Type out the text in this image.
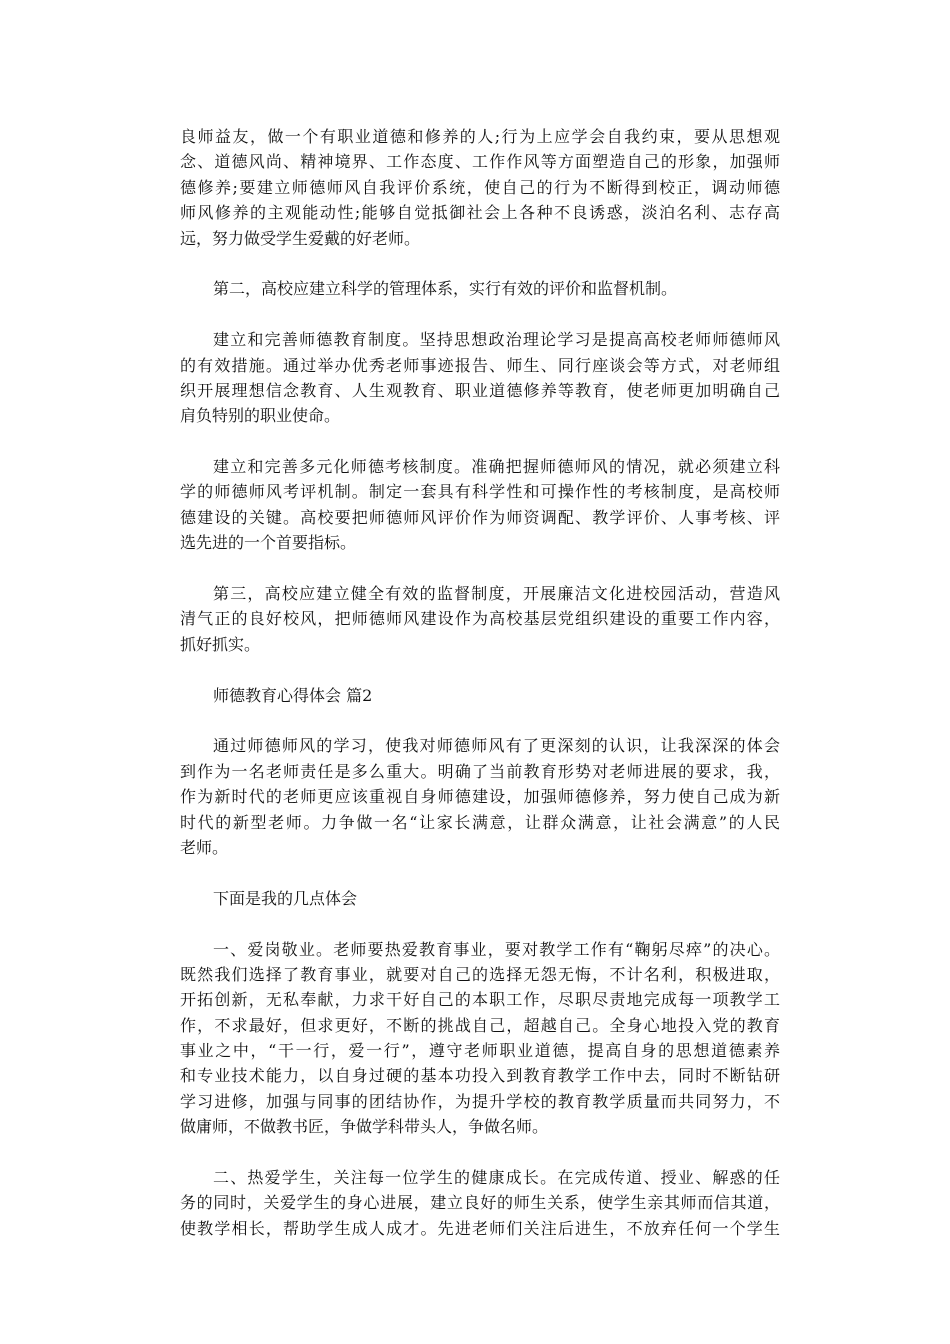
良师益友，做一个有职业道德和修养的人;行为上应学会自我约束，要从思想观
念、道德风尚、精神境界、工作态度、工作作风等方面塑造自己的形象，加强师
德修养;要建立师德师风自我评价系统，使自己的行为不断得到校正，调动师德
师风修养的主观能动性;能够自觉抵御社会上各种不良诱惑，淡泊名利、志存高
远，努力做受学生爱戴的好老师。
第二，高校应建立科学的管理体系，实行有效的评价和监督机制。
建立和完善师德教育制度。坚持思想政治理论学习是提高高校老师师德师风
的有效措施。通过举办优秀老师事迹报告、师生、同行座谈会等方式，对老师组
织开展理想信念教育、人生观教育、职业道德修养等教育，使老师更加明确自己
肩负特别的职业使命。
建立和完善多元化师德考核制度。准确把握师德师风的情况，就必须建立科
学的师德师风考评机制。制定一套具有科学性和可操作性的考核制度，是高校师
德建设的关键。高校要把师德师风评价作为师资调配、教学评价、人事考核、评
选先进的一个首要指标。
第三，高校应建立健全有效的监督制度，开展廉洁文化进校园活动，营造风
清气正的良好校风，把师德师风建设作为高校基层党组织建设的重要工作内容，
抓好抓实。
师德教育心得体会 篇2
通过师德师风的学习，使我对师德师风有了更深刻的认识，让我深深的体会
到作为一名老师责任是多么重大。明确了当前教育形势对老师进展的要求，我，
作为新时代的老师更应该重视自身师德建设，加强师德修养，努力使自己成为新
时代的新型老师。力争做一名“让家长满意，让群众满意，让社会满意”的人民
老师。
下面是我的几点体会
一、爱岗敬业。老师要热爱教育事业，要对教学工作有“鞠躬尽瘁”的决心。
既然我们选择了教育事业，就要对自己的选择无怨无悔，不计名利，积极进取，
开拓创新，无私奉献，力求干好自己的本职工作，尽职尽责地完成每一项教学工
作，不求最好，但求更好，不断的挑战自己，超越自己。全身心地投入党的教育
事业之中，“干一行，爱一行”，遵守老师职业道德，提高自身的思想道德素养
和专业技术能力，以自身过硬的基本功投入到教育教学工作中去，同时不断钻研
学习进修，加强与同事的团结协作，为提升学校的教育教学质量而共同努力，不
做庸师，不做教书匠，争做学科带头人，争做名师。
二、热爱学生，关注每一位学生的健康成长。在完成传道、授业、解惑的任
务的同时，关爱学生的身心进展，建立良好的师生关系，使学生亲其师而信其道，
使教学相长，帮助学生成人成才。先进老师们关注后进生，不放弃任何一个学生
